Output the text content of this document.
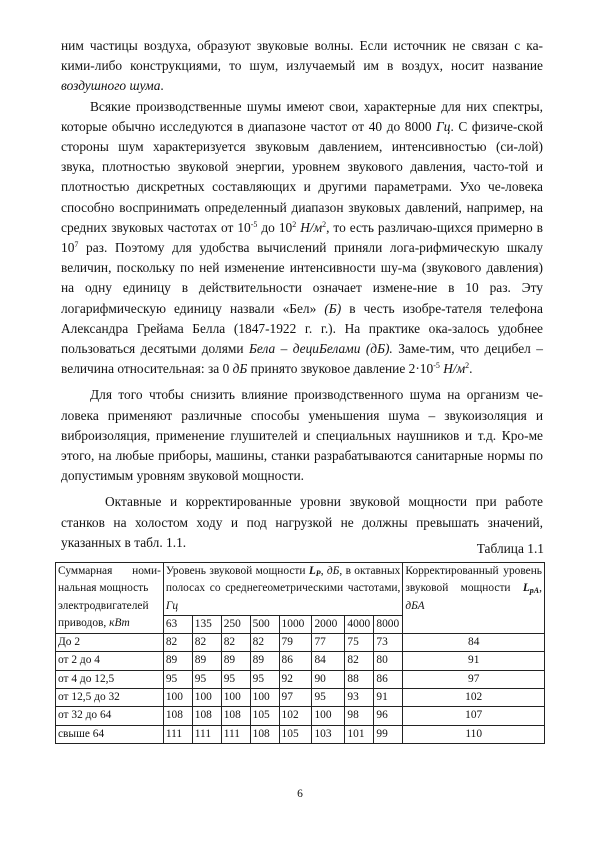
ним частицы воздуха, образуют звуковые волны. Если источник не связан с ка-кими-либо конструкциями, то шум, излучаемый им в воздух, носит название воздушного шума.

Всякие производственные шумы имеют свои, характерные для них спектры, которые обычно исследуются в диапазоне частот от 40 до 8000 Гц. С физиче-ской стороны шум характеризуется звуковым давлением, интенсивностью (си-лой) звука, плотностью звуковой энергии, уровнем звукового давления, часто-той и плотностью дискретных составляющих и другими параметрами. Ухо че-ловека способно воспринимать определенный диапазон звуковых давлений, например, на средних звуковых частотах от $10^{-5}$ до $10^2$ $Н/м^2$, то есть различаю-щихся примерно в $10^7$ раз. Поэтому для удобства вычислений приняли лога-рифмическую шкалу величин, поскольку по ней изменение интенсивности шу-ма (звукового давления) на одну единицу в действительности означает измене-ние в 10 раз. Эту логарифмическую единицу назвали «Бел» (Б) в честь изобре-тателя телефона Александра Грейама Белла (1847-1922 г. г.). На практике ока-залось удобнее пользоваться десятыми долями Бела – дециБелами (дБ). Заме-тим, что децибел – величина относительная: за 0 дБ принято звуковое давление $2\cdot 10^{-5}$ $Н/м^2$.

Для того чтобы снизить влияние производственного шума на организм че-ловека применяют различные способы уменьшения шума – звукоизоляция и виброизоляция, применение глушителей и специальных наушников и т.д. Кро-ме этого, на любые приборы, машины, станки разрабатываются санитарные нормы по допустимым уровням звуковой мощности.

Октавные и корректированные уровни звуковой мощности при работе станков на холостом ходу и под нагрузкой не должны превышать значений, указанных в табл. 1.1.	Таблица 1.1
Суммарная номи-нальная мощность
электродвигателей
приводов, кВт	Уровень звуковой мощности $L_P$, дБ, в октавных полосах со среднегеометрическими частотами, Гц								Корректированный уровень звуковой мощности $L_{pA}$, дБА
	63	135	250	500	1000	2000	4000	8000	
До 2	82	82	82	82	79	77	75	73	84
от 2 до 4	89	89	89	89	86	84	82	80	91
от 4 до 12,5	95	95	95	95	92	90	88	86	97
от 12,5 до 32	100	100	100	100	97	95	93	91	102
от 32 до 64	108	108	108	105	102	100	98	96	107
свыше 64	111	111	111	108	105	103	101	99	110
6
